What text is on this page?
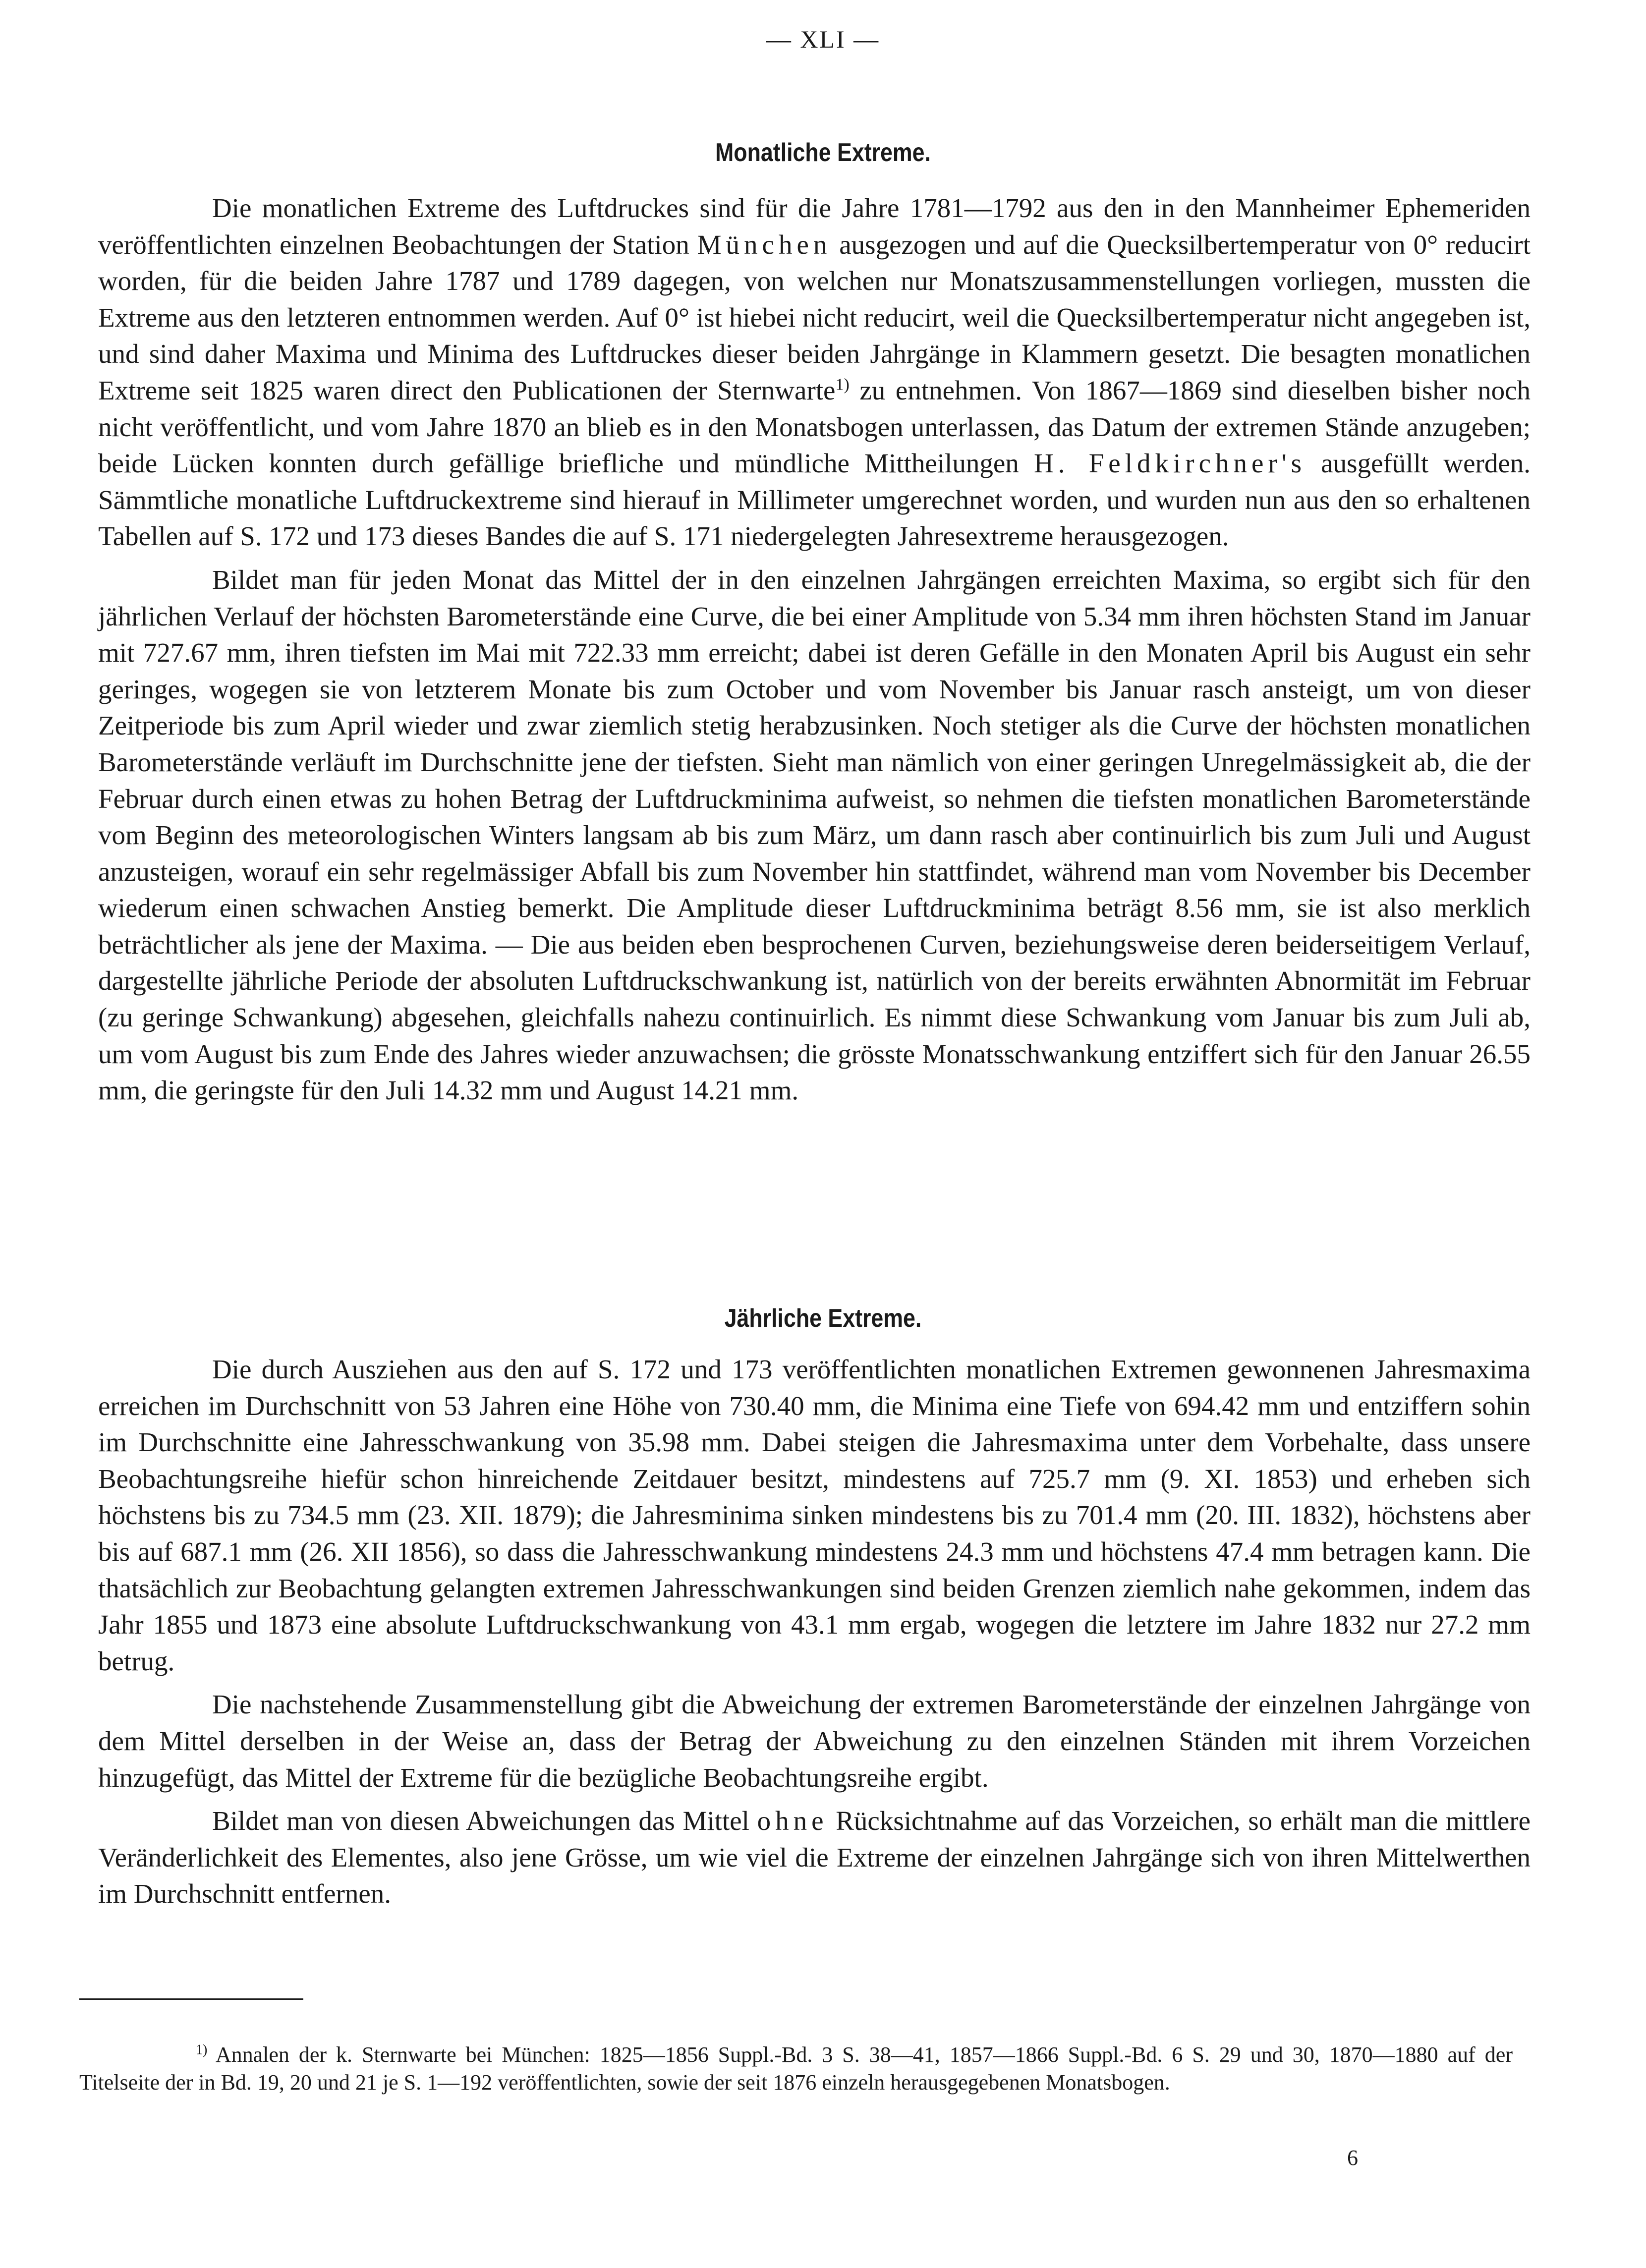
— XLI —
Monatliche Extreme.

Die monatlichen Extreme des Luftdruckes sind für die Jahre 1781—1792 aus den in den Mannheimer Ephemeriden veröffentlichten einzelnen Beobachtungen der Station München ausgezogen und auf die Quecksilbertemperatur von 0° reducirt worden, für die beiden Jahre 1787 und 1789 dagegen, von welchen nur Monatszusammenstellungen vorliegen, mussten die Extreme aus den letzteren entnommen werden. Auf 0° ist hiebei nicht reducirt, weil die Quecksilbertemperatur nicht angegeben ist, und sind daher Maxima und Minima des Luftdruckes dieser beiden Jahrgänge in Klammern gesetzt. Die besagten monatlichen Extreme seit 1825 waren direct den Publicationen der Sternwarte$^{1)}$ zu entnehmen. Von 1867—1869 sind dieselben bisher noch nicht veröffentlicht, und vom Jahre 1870 an blieb es in den Monatsbogen unterlassen, das Datum der extremen Stände anzugeben; beide Lücken konnten durch gefällige briefliche und mündliche Mittheilungen H. Feldkirchner's ausgefüllt werden. Sämmtliche monatliche Luftdruckextreme sind hierauf in Millimeter umgerechnet worden, und wurden nun aus den so erhaltenen Tabellen auf S. 172 und 173 dieses Bandes die auf S. 171 niedergelegten Jahresextreme herausgezogen.

Bildet man für jeden Monat das Mittel der in den einzelnen Jahrgängen erreichten Maxima, so ergibt sich für den jährlichen Verlauf der höchsten Barometerstände eine Curve, die bei einer Amplitude von 5.34 mm ihren höchsten Stand im Januar mit 727.67 mm, ihren tiefsten im Mai mit 722.33 mm erreicht; dabei ist deren Gefälle in den Monaten April bis August ein sehr geringes, wogegen sie von letzterem Monate bis zum October und vom November bis Januar rasch ansteigt, um von dieser Zeitperiode bis zum April wieder und zwar ziemlich stetig herabzusinken. Noch stetiger als die Curve der höchsten monatlichen Barometerstände verläuft im Durchschnitte jene der tiefsten. Sieht man nämlich von einer geringen Unregelmässigkeit ab, die der Februar durch einen etwas zu hohen Betrag der Luftdruckminima aufweist, so nehmen die tiefsten monatlichen Barometerstände vom Beginn des meteorologischen Winters langsam ab bis zum März, um dann rasch aber continuirlich bis zum Juli und August anzusteigen, worauf ein sehr regelmässiger Abfall bis zum November hin stattfindet, während man vom November bis December wiederum einen schwachen Anstieg bemerkt. Die Amplitude dieser Luftdruckminima beträgt 8.56 mm, sie ist also merklich beträchtlicher als jene der Maxima. — Die aus beiden eben besprochenen Curven, beziehungsweise deren beiderseitigem Verlauf, dargestellte jährliche Periode der absoluten Luftdruckschwankung ist, natürlich von der bereits erwähnten Abnormität im Februar (zu geringe Schwankung) abgesehen, gleichfalls nahezu continuirlich. Es nimmt diese Schwankung vom Januar bis zum Juli ab, um vom August bis zum Ende des Jahres wieder anzuwachsen; die grösste Monatsschwankung entziffert sich für den Januar 26.55 mm, die geringste für den Juli 14.32 mm und August 14.21 mm.

Jährliche Extreme.

Die durch Ausziehen aus den auf S. 172 und 173 veröffentlichten monatlichen Extremen gewonnenen Jahresmaxima erreichen im Durchschnitt von 53 Jahren eine Höhe von 730.40 mm, die Minima eine Tiefe von 694.42 mm und entziffern sohin im Durchschnitte eine Jahresschwankung von 35.98 mm. Dabei steigen die Jahresmaxima unter dem Vorbehalte, dass unsere Beobachtungsreihe hiefür schon hinreichende Zeitdauer besitzt, mindestens auf 725.7 mm (9. XI. 1853) und erheben sich höchstens bis zu 734.5 mm (23. XII. 1879); die Jahresminima sinken mindestens bis zu 701.4 mm (20. III. 1832), höchstens aber bis auf 687.1 mm (26. XII 1856), so dass die Jahresschwankung mindestens 24.3 mm und höchstens 47.4 mm betragen kann. Die thatsächlich zur Beobachtung gelangten extremen Jahresschwankungen sind beiden Grenzen ziemlich nahe gekommen, indem das Jahr 1855 und 1873 eine absolute Luftdruckschwankung von 43.1 mm ergab, wogegen die letztere im Jahre 1832 nur 27.2 mm betrug.

Die nachstehende Zusammenstellung gibt die Abweichung der extremen Barometerstände der einzelnen Jahrgänge von dem Mittel derselben in der Weise an, dass der Betrag der Abweichung zu den einzelnen Ständen mit ihrem Vorzeichen hinzugefügt, das Mittel der Extreme für die bezügliche Beobachtungsreihe ergibt.

Bildet man von diesen Abweichungen das Mittel ohne Rücksichtnahme auf das Vorzeichen, so erhält man die mittlere Veränderlichkeit des Elementes, also jene Grösse, um wie viel die Extreme der einzelnen Jahrgänge sich von ihren Mittelwerthen im Durchschnitt entfernen.

$^{1)}$ Annalen der k. Sternwarte bei München: 1825—1856 Suppl.-Bd. 3 S. 38—41, 1857—1866 Suppl.-Bd. 6 S. 29 und 30, 1870—1880 auf der Titelseite der in Bd. 19, 20 und 21 je S. 1—192 veröffentlichten, sowie der seit 1876 einzeln herausgegebenen Monatsbogen.
6
